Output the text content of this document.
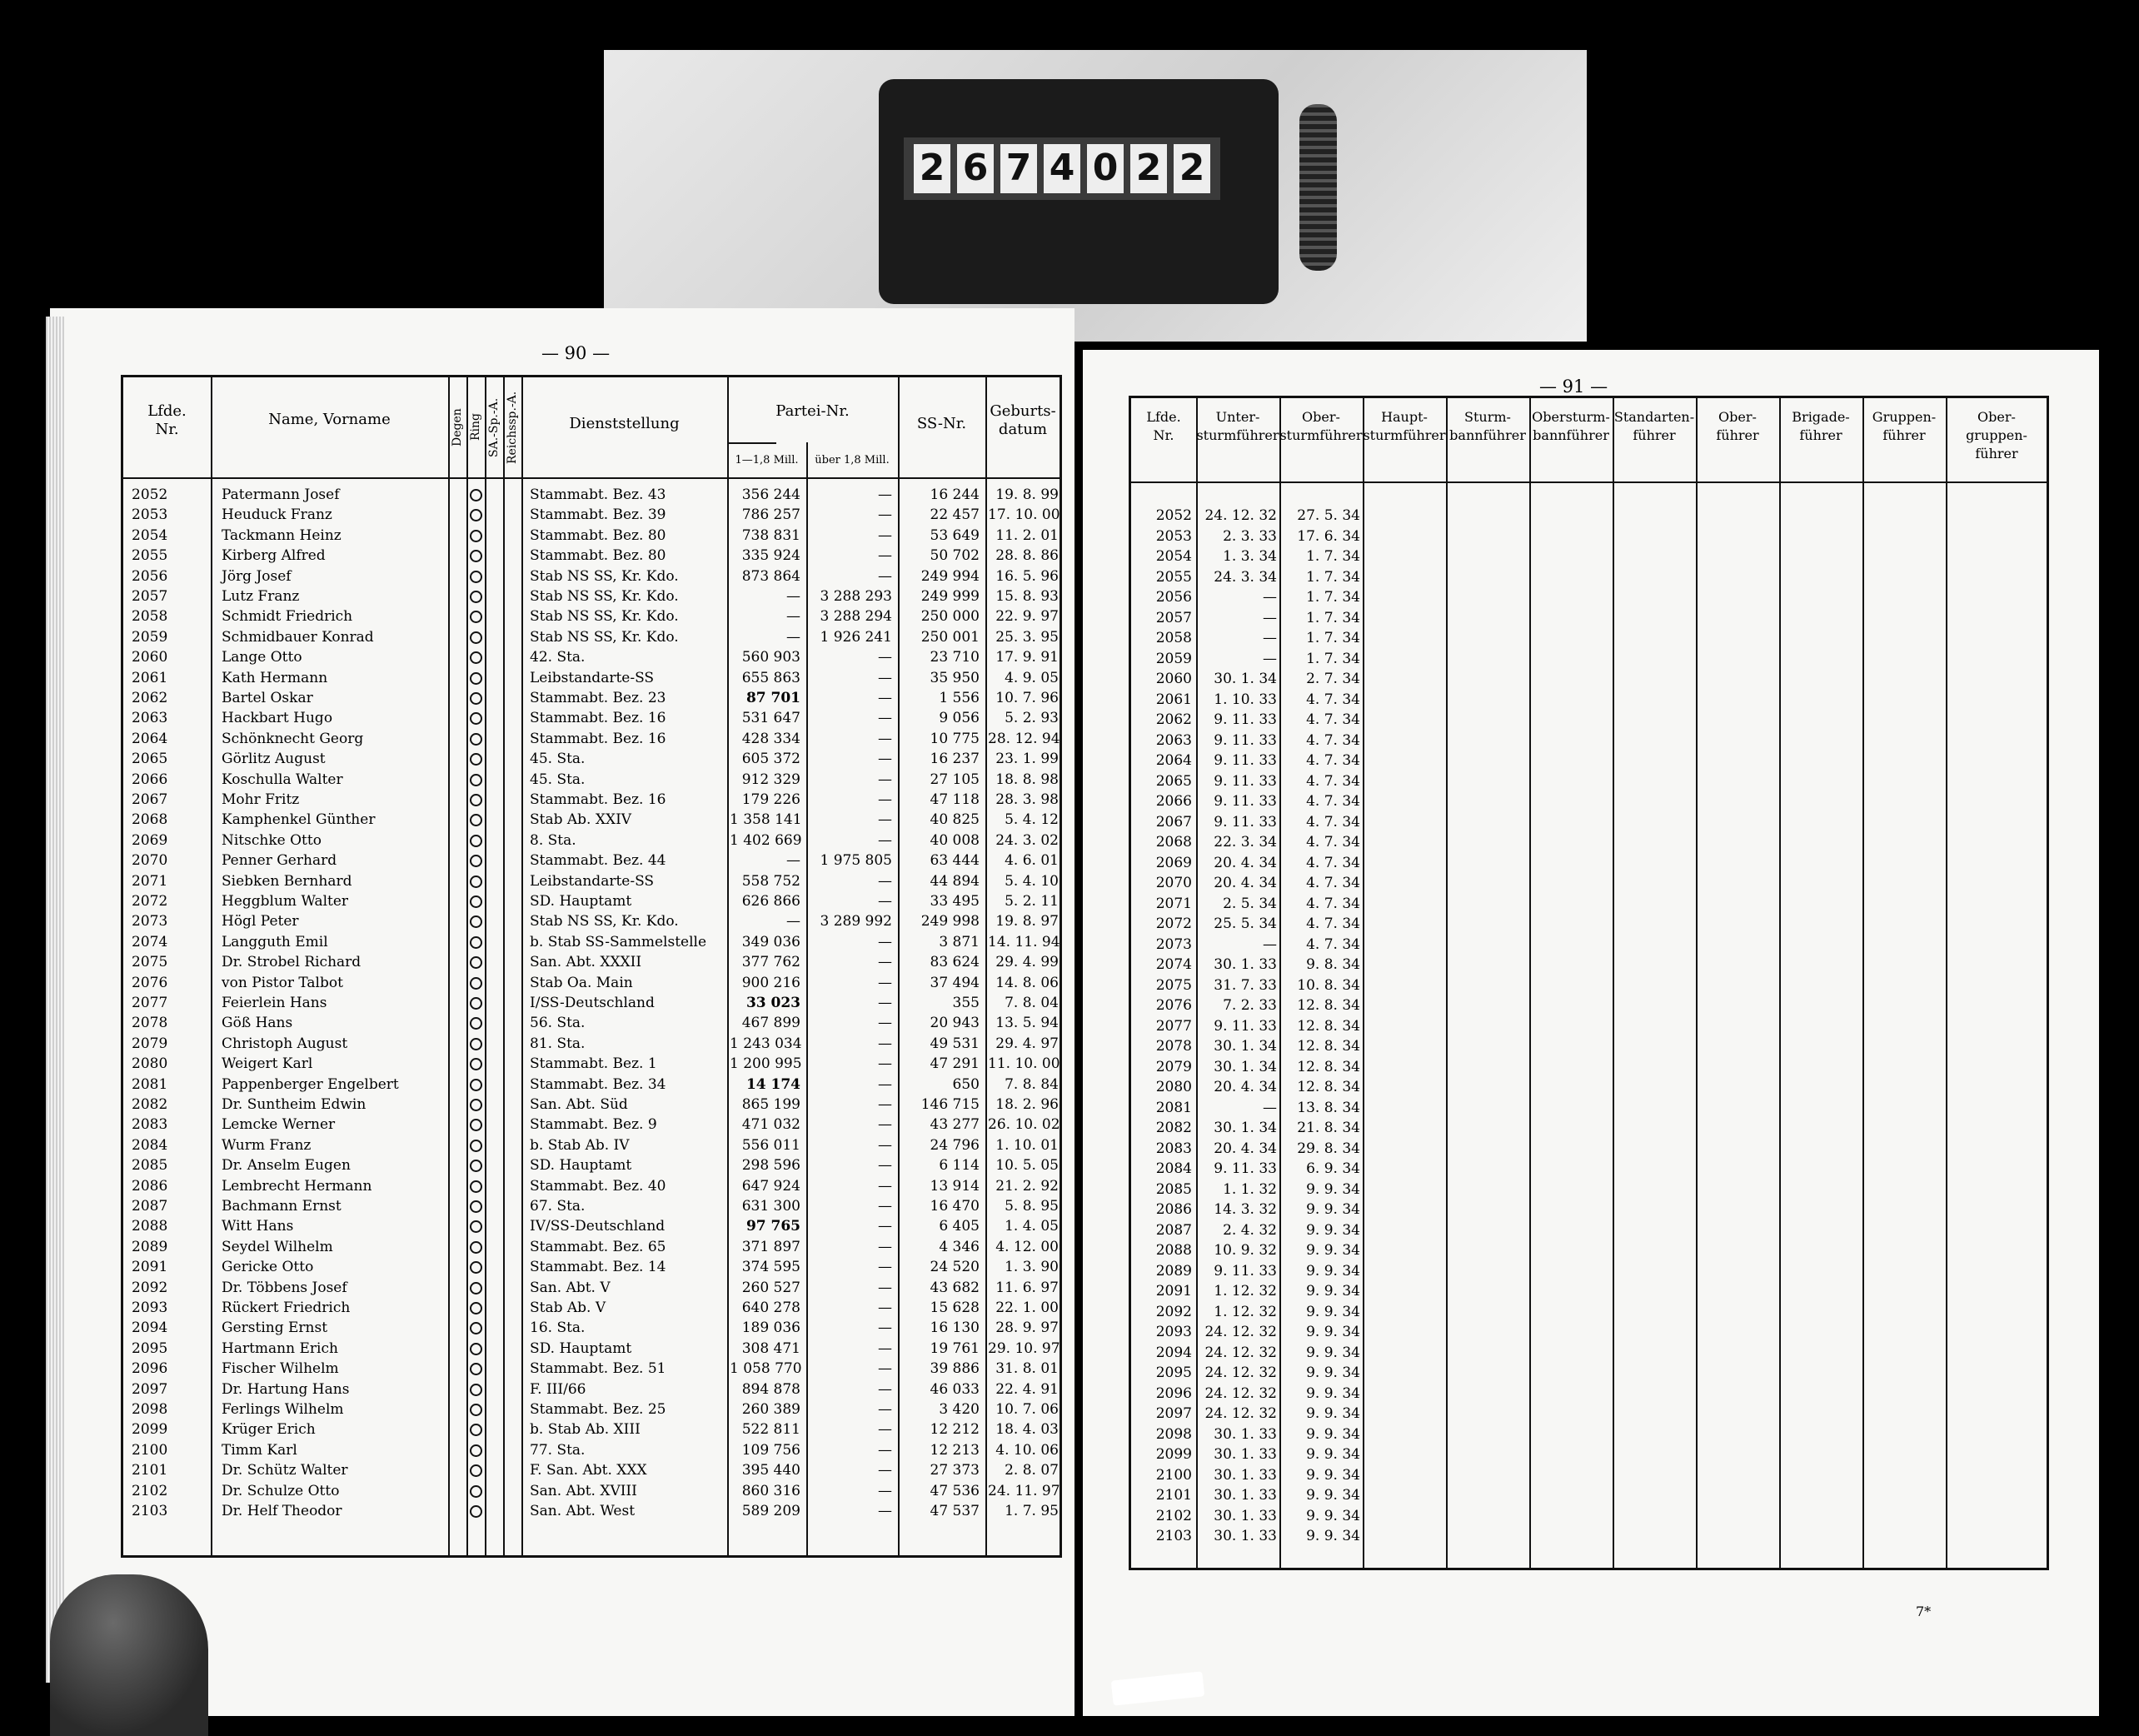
2 6 7 4 0 2 2
— 90 —
— 91 —
7*
Lfde.
Nr.
Name, Vorname	Degen Ring SA.-Sp.-A. Reichssp.-A.	Dienststellung
Partei-Nr.
1—1,8 Mill.	über 1,8 Mill.
SS-Nr.
Geburts-
datum
2052	Patermann Josef	Stammabt. Bez. 43	356 244	—	16 244	19. 8. 99
2053	Heuduck Franz	Stammabt. Bez. 39	786 257	—	22 457 17. 10. 00
2054	Tackmann Heinz	Stammabt. Bez. 80	738 831	—	53 649	11. 2. 01
2055	Kirberg Alfred	Stammabt. Bez. 80	335 924	—	50 702	28. 8. 86
2056	Jörg Josef	Stab NS SS, Kr. Kdo.	873 864	—	249 994	16. 5. 96
2057	Lutz Franz	Stab NS SS, Kr. Kdo.	—	3 288 293	249 999	15. 8. 93
2058	Schmidt Friedrich	Stab NS SS, Kr. Kdo.	—	3 288 294	250 000	22. 9. 97
2059	Schmidbauer Konrad	Stab NS SS, Kr. Kdo.	—	1 926 241	250 001	25. 3. 95
2060	Lange Otto	42. Sta.	560 903	—	23 710	17. 9. 91
2061	Kath Hermann	Leibstandarte-SS	655 863	—	35 950	4. 9. 05
2062	Bartel Oskar	Stammabt. Bez. 23	87 701	—	1 556	10. 7. 96
2063	Hackbart Hugo	Stammabt. Bez. 16	531 647	—	9 056	5. 2. 93
2064	Schönknecht Georg	Stammabt. Bez. 16	428 334	—	10 775 28. 12. 94
2065	Görlitz August	45. Sta.	605 372	—	16 237	23. 1. 99
2066	Koschulla Walter	45. Sta.	912 329	—	27 105	18. 8. 98
2067	Mohr Fritz	Stammabt. Bez. 16	179 226	—	47 118	28. 3. 98
2068	Kamphenkel Günther	Stab Ab. XXIV	1 358 141	—	40 825	5. 4. 12
2069	Nitschke Otto	8. Sta.	1 402 669	—	40 008	24. 3. 02
2070	Penner Gerhard	Stammabt. Bez. 44	—	1 975 805	63 444	4. 6. 01
2071	Siebken Bernhard	Leibstandarte-SS	558 752	—	44 894	5. 4. 10
2072	Heggblum Walter	SD. Hauptamt	626 866	—	33 495	5. 2. 11
2073	Högl Peter	Stab NS SS, Kr. Kdo.	—	3 289 992	249 998	19. 8. 97
2074	Langguth Emil	b. Stab SS-Sammelstelle	349 036	—	3 871 14. 11. 94
2075	Dr. Strobel Richard	San. Abt. XXXII	377 762	—	83 624	29. 4. 99
2076	von Pistor Talbot	Stab Oa. Main	900 216	—	37 494	14. 8. 06
2077	Feierlein Hans	I/SS-Deutschland	33 023	—	355	7. 8. 04
2078	Göß Hans	56. Sta.	467 899	—	20 943	13. 5. 94
2079	Christoph August	81. Sta.	1 243 034	—	49 531	29. 4. 97
2080	Weigert Karl	Stammabt. Bez. 1	1 200 995	—	47 291 11. 10. 00
2081	Pappenberger Engelbert	Stammabt. Bez. 34	14 174	—	650	7. 8. 84
2082	Dr. Suntheim Edwin	San. Abt. Süd	865 199	—	146 715	18. 2. 96
2083	Lemcke Werner	Stammabt. Bez. 9	471 032	—	43 277 26. 10. 02
2084	Wurm Franz	b. Stab Ab. IV	556 011	—	24 796	1. 10. 01
2085	Dr. Anselm Eugen	SD. Hauptamt	298 596	—	6 114	10. 5. 05
2086	Lembrecht Hermann	Stammabt. Bez. 40	647 924	—	13 914	21. 2. 92
2087	Bachmann Ernst	67. Sta.	631 300	—	16 470	5. 8. 95
2088	Witt Hans	IV/SS-Deutschland	97 765	—	6 405	1. 4. 05
2089	Seydel Wilhelm	Stammabt. Bez. 65	371 897	—	4 346	4. 12. 00
2091	Gericke Otto	Stammabt. Bez. 14	374 595	—	24 520	1. 3. 90
2092	Dr. Többens Josef	San. Abt. V	260 527	—	43 682	11. 6. 97
2093	Rückert Friedrich	Stab Ab. V	640 278	—	15 628	22. 1. 00
2094	Gersting Ernst	16. Sta.	189 036	—	16 130	28. 9. 97
2095	Hartmann Erich	SD. Hauptamt	308 471	—	19 761 29. 10. 97
2096	Fischer Wilhelm	Stammabt. Bez. 51	1 058 770	—	39 886	31. 8. 01
2097	Dr. Hartung Hans	F. III/66	894 878	—	46 033	22. 4. 91
2098	Ferlings Wilhelm	Stammabt. Bez. 25	260 389	—	3 420	10. 7. 06
2099	Krüger Erich	b. Stab Ab. XIII	522 811	—	12 212	18. 4. 03
2100	Timm Karl	77. Sta.	109 756	—	12 213	4. 10. 06
2101	Dr. Schütz Walter	F. San. Abt. XXX	395 440	—	27 373	2. 8. 07
2102	Dr. Schulze Otto	San. Abt. XVIII	860 316	—	47 536 24. 11. 97
2103	Dr. Helf Theodor	San. Abt. West	589 209	—	47 537	1. 7. 95
Lfde.
Nr.
Unter-
sturmführer
Ober-
sturmführer
Haupt-
sturmführer
Sturm-
bannführer
Obersturm-
bannführer
Standarten-
führer
Ober-
führer
Brigade-
führer
Gruppen-
führer
Ober-
gruppen-
führer
2052 24. 12. 32	27. 5. 34
2053	2. 3. 33	17. 6. 34
2054	1. 3. 34	1. 7. 34
2055	24. 3. 34	1. 7. 34
2056	—	1. 7. 34
2057	—	1. 7. 34
2058	—	1. 7. 34
2059	—	1. 7. 34
2060	30. 1. 34	2. 7. 34
2061	1. 10. 33	4. 7. 34
2062	9. 11. 33	4. 7. 34
2063	9. 11. 33	4. 7. 34
2064	9. 11. 33	4. 7. 34
2065	9. 11. 33	4. 7. 34
2066	9. 11. 33	4. 7. 34
2067	9. 11. 33	4. 7. 34
2068	22. 3. 34	4. 7. 34
2069	20. 4. 34	4. 7. 34
2070	20. 4. 34	4. 7. 34
2071	2. 5. 34	4. 7. 34
2072	25. 5. 34	4. 7. 34
2073	—	4. 7. 34
2074	30. 1. 33	9. 8. 34
2075	31. 7. 33	10. 8. 34
2076	7. 2. 33	12. 8. 34
2077	9. 11. 33	12. 8. 34
2078	30. 1. 34	12. 8. 34
2079	30. 1. 34	12. 8. 34
2080	20. 4. 34	12. 8. 34
2081	—	13. 8. 34
2082	30. 1. 34	21. 8. 34
2083	20. 4. 34	29. 8. 34
2084	9. 11. 33	6. 9. 34
2085	1. 1. 32	9. 9. 34
2086	14. 3. 32	9. 9. 34
2087	2. 4. 32	9. 9. 34
2088	10. 9. 32	9. 9. 34
2089	9. 11. 33	9. 9. 34
2091	1. 12. 32	9. 9. 34
2092	1. 12. 32	9. 9. 34
2093 24. 12. 32	9. 9. 34
2094 24. 12. 32	9. 9. 34
2095 24. 12. 32	9. 9. 34
2096 24. 12. 32	9. 9. 34
2097 24. 12. 32	9. 9. 34
2098	30. 1. 33	9. 9. 34
2099	30. 1. 33	9. 9. 34
2100	30. 1. 33	9. 9. 34
2101	30. 1. 33	9. 9. 34
2102	30. 1. 33	9. 9. 34
2103	30. 1. 33	9. 9. 34
